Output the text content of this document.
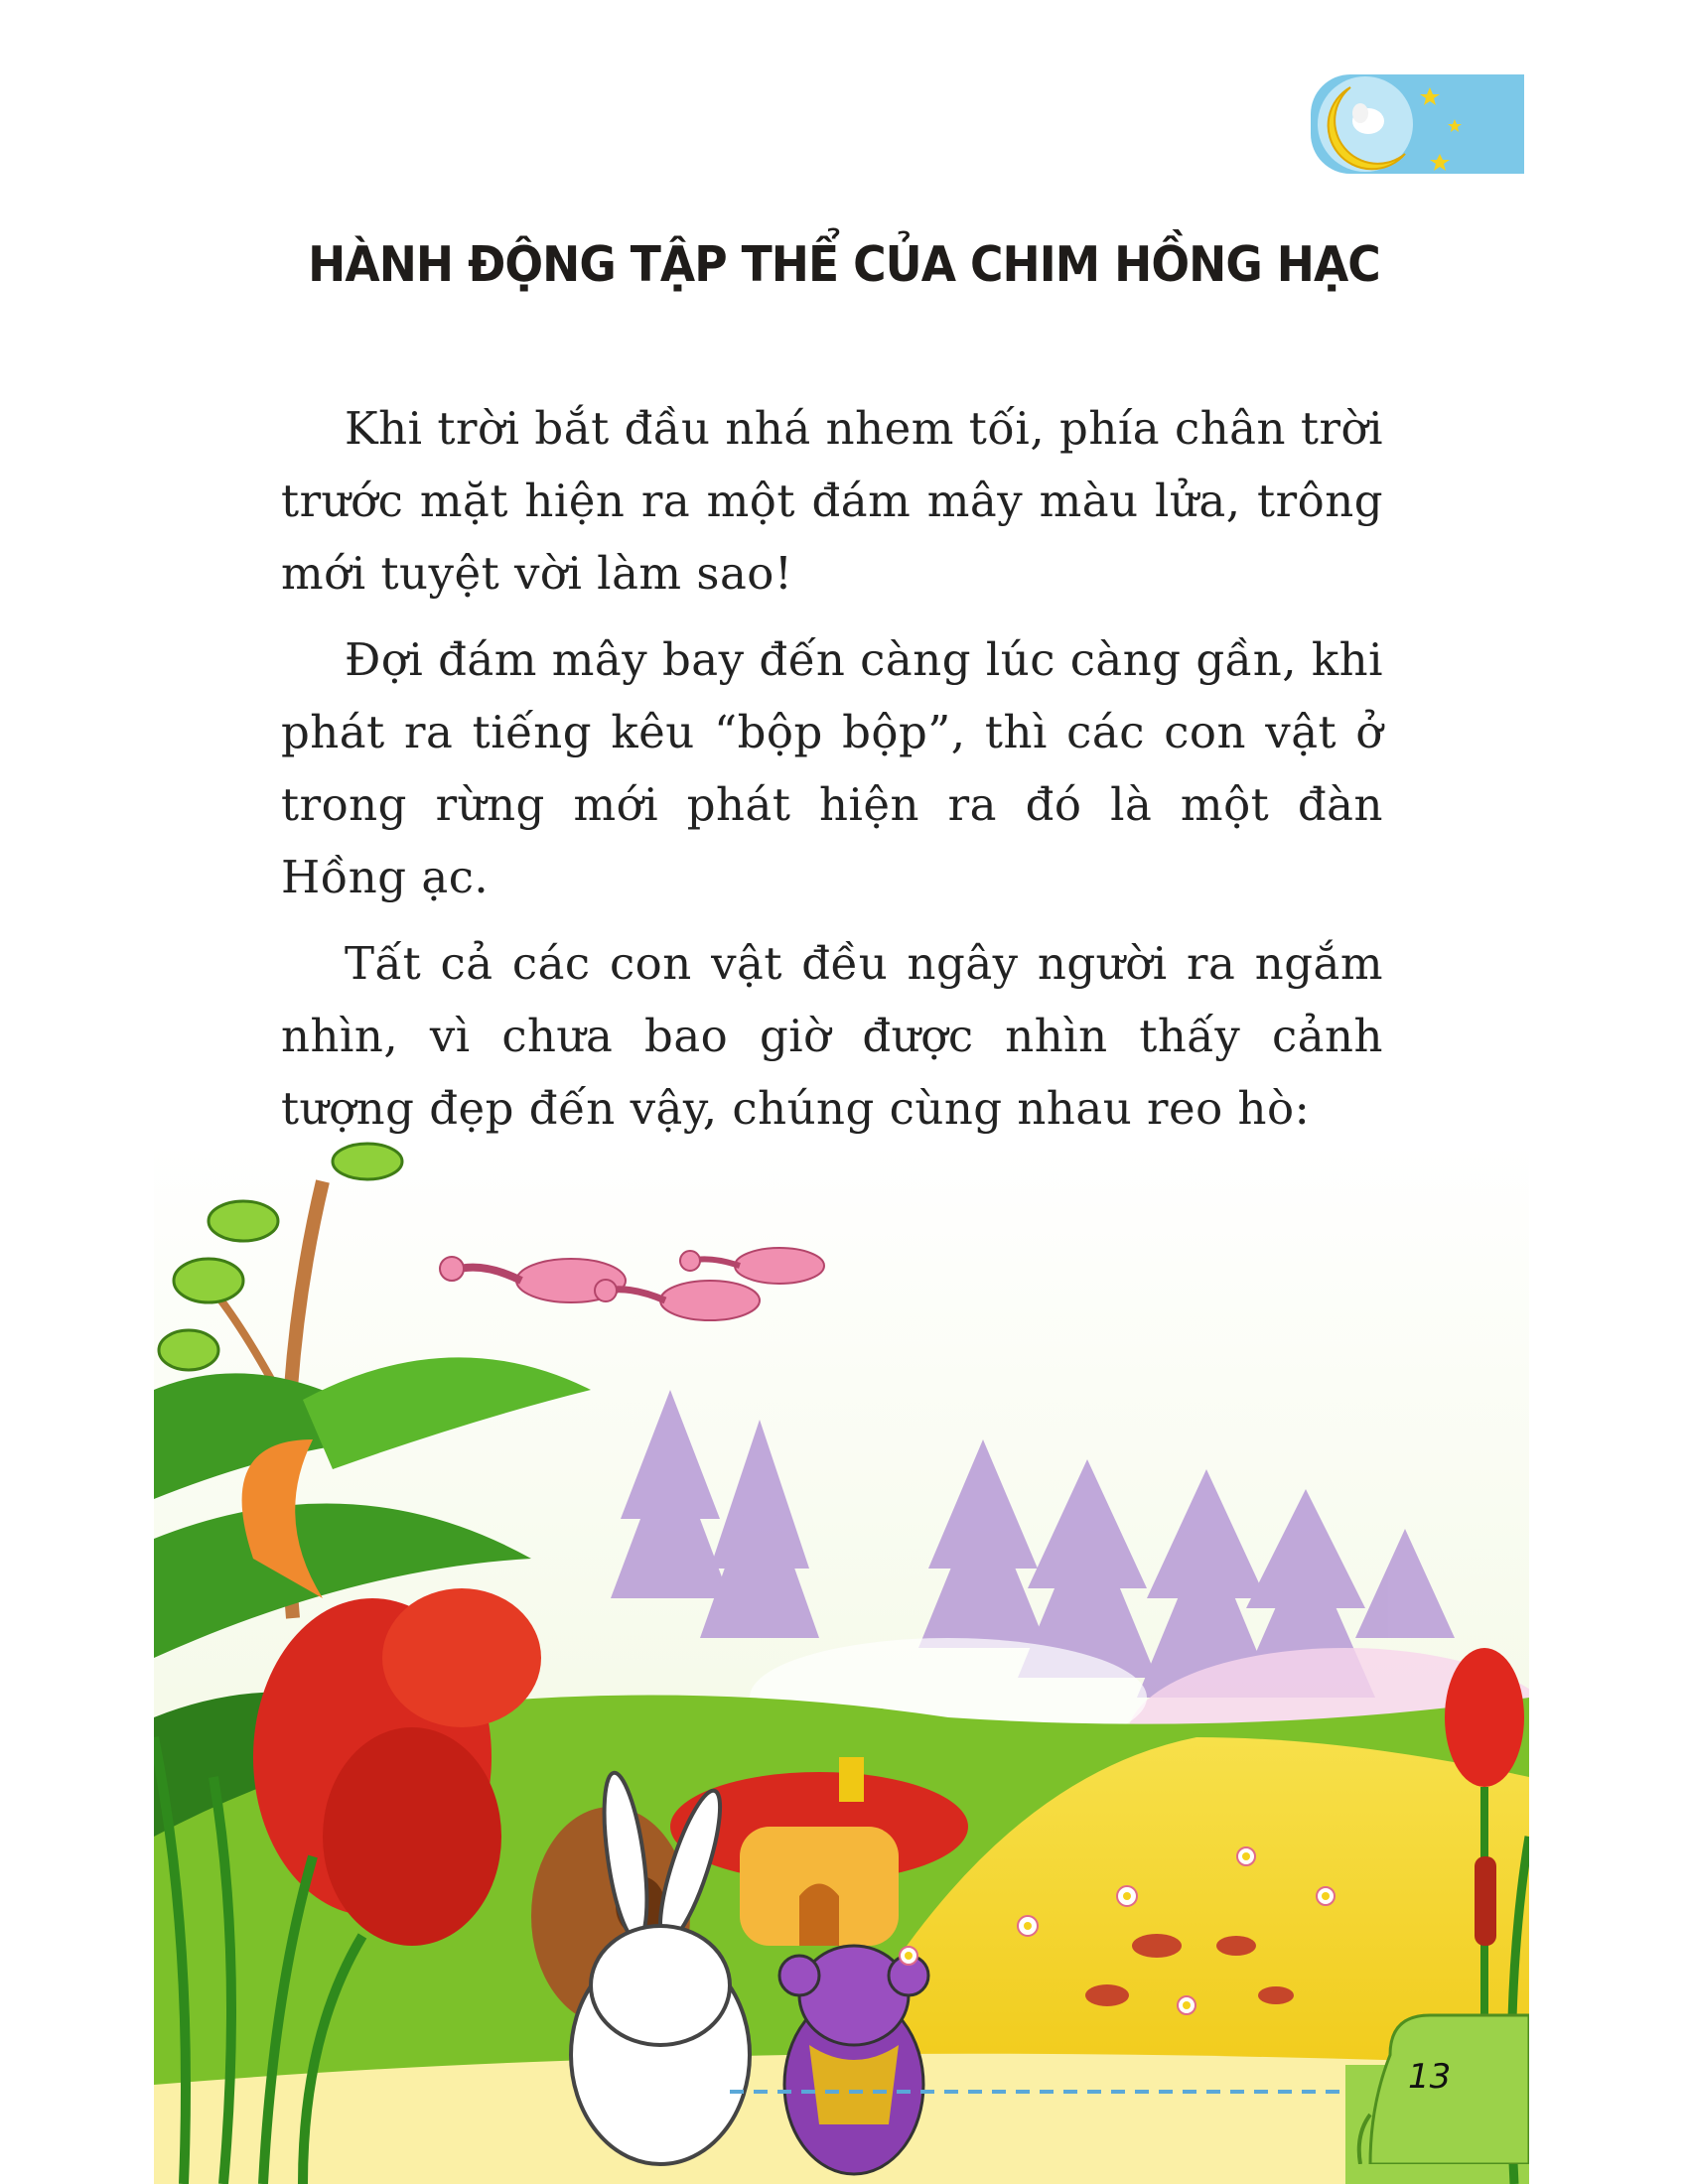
HÀNH ĐỘNG TẬP THỂ CỦA CHIM HỒNG HẠC

Khi trời bắt đầu nhá nhem tối, phía chân trời trước mặt hiện ra một đám mây màu lửa, trông mới tuyệt vời làm sao!

Đợi đám mây bay đến càng lúc càng gần, khi phát ra tiếng kêu “bộp bộp”, thì các con vật ở trong rừng mới phát hiện ra đó là một đàn Hồng ạc.

Tất cả các con vật đều ngây người ra ngắm nhìn, vì chưa bao giờ được nhìn thấy cảnh tượng đẹp đến vậy, chúng cùng nhau reo hò:

13
